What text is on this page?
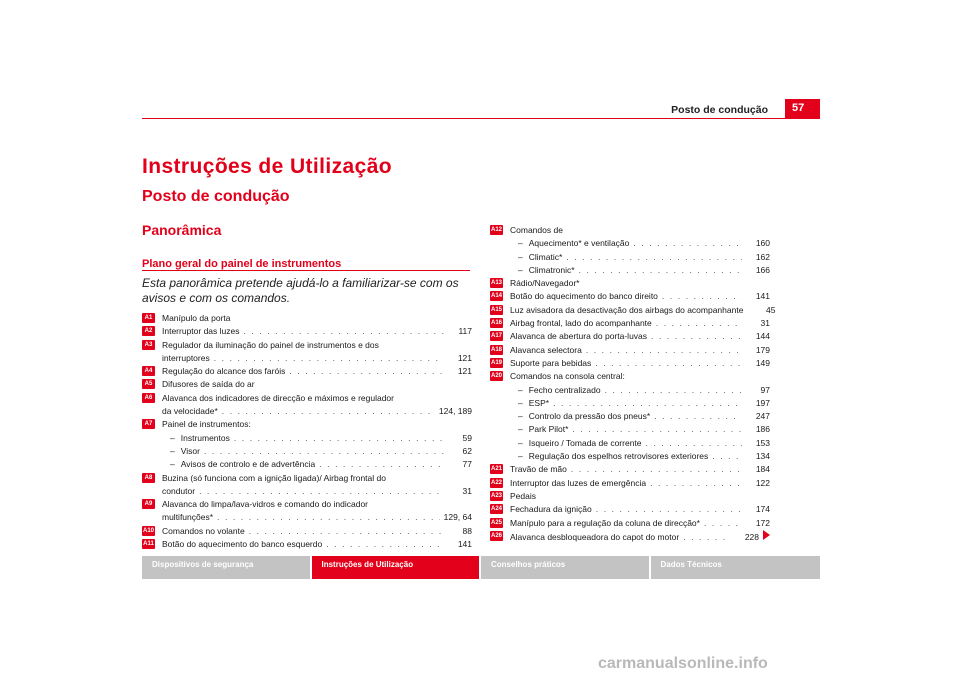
Posto de condução	57
Instruções de Utilização
Posto de condução
Panorâmica
Plano geral do painel de instrumentos
Esta panorâmica pretende ajudá-lo a familiarizar-se com os avisos e com os comandos.
A1	Manípulo da porta
A2	Interruptor das luzes . . .	117
A3	Regulador da iluminação do painel de instrumentos e dos
interruptores . . .	121
A4	Regulação do alcance dos faróis . . .	121
A5	Difusores de saída do ar
A6	Alavanca dos indicadores de direcção e máximos e regulador
da velocidade* . . .	124, 189
A7	Painel de instrumentos:
– Instrumentos . . .	59
– Visor . . .	62
– Avisos de controlo e de advertência . . .	77
A8	Buzina (só funciona com a ignição ligada)/ Airbag frontal do
condutor . . .	31
A9	Alavanca do limpa/lava-vidros e comando do indicador
multifunções* . . .	129, 64
A10 Comandos no volante . . .	88
A11 Botão do aquecimento do banco esquerdo . . .	141
A12 Comandos de
– Aquecimento* e ventilação . . .	160
– Climatic* . . .	162
– Climatronic* . . .	166
A13 Rádio/Navegador*
A14 Botão do aquecimento do banco direito . . .	141
A15 Luz avisadora da desactivação dos airbags do acompanhante	45
A16 Airbag frontal, lado do acompanhante . . .	31
A17 Alavanca de abertura do porta-luvas . . .	144
A18 Alavanca selectora . . .	179
A19 Suporte para bebidas . . .	149
A20 Comandos na consola central:
– Fecho centralizado . . .	97
– ESP* . . .	197
– Controlo da pressão dos pneus* . . .	247
– Park Pilot* . . .	186
– Isqueiro / Tomada de corrente . . .	153
– Regulação dos espelhos retrovisores exteriores . . .	134
A21 Travão de mão . . .	184
A22 Interruptor das luzes de emergência . . .	122
A23 Pedais
A24 Fechadura da ignição . . .	174
A25 Manípulo para a regulação da coluna de direcção* . . .	172
A26 Alavanca desbloqueadora do capot do motor . . .	228
Dispositivos de segurança	Instruções de Utilização	Conselhos práticos	Dados Técnicos
carmanualsonline.info
